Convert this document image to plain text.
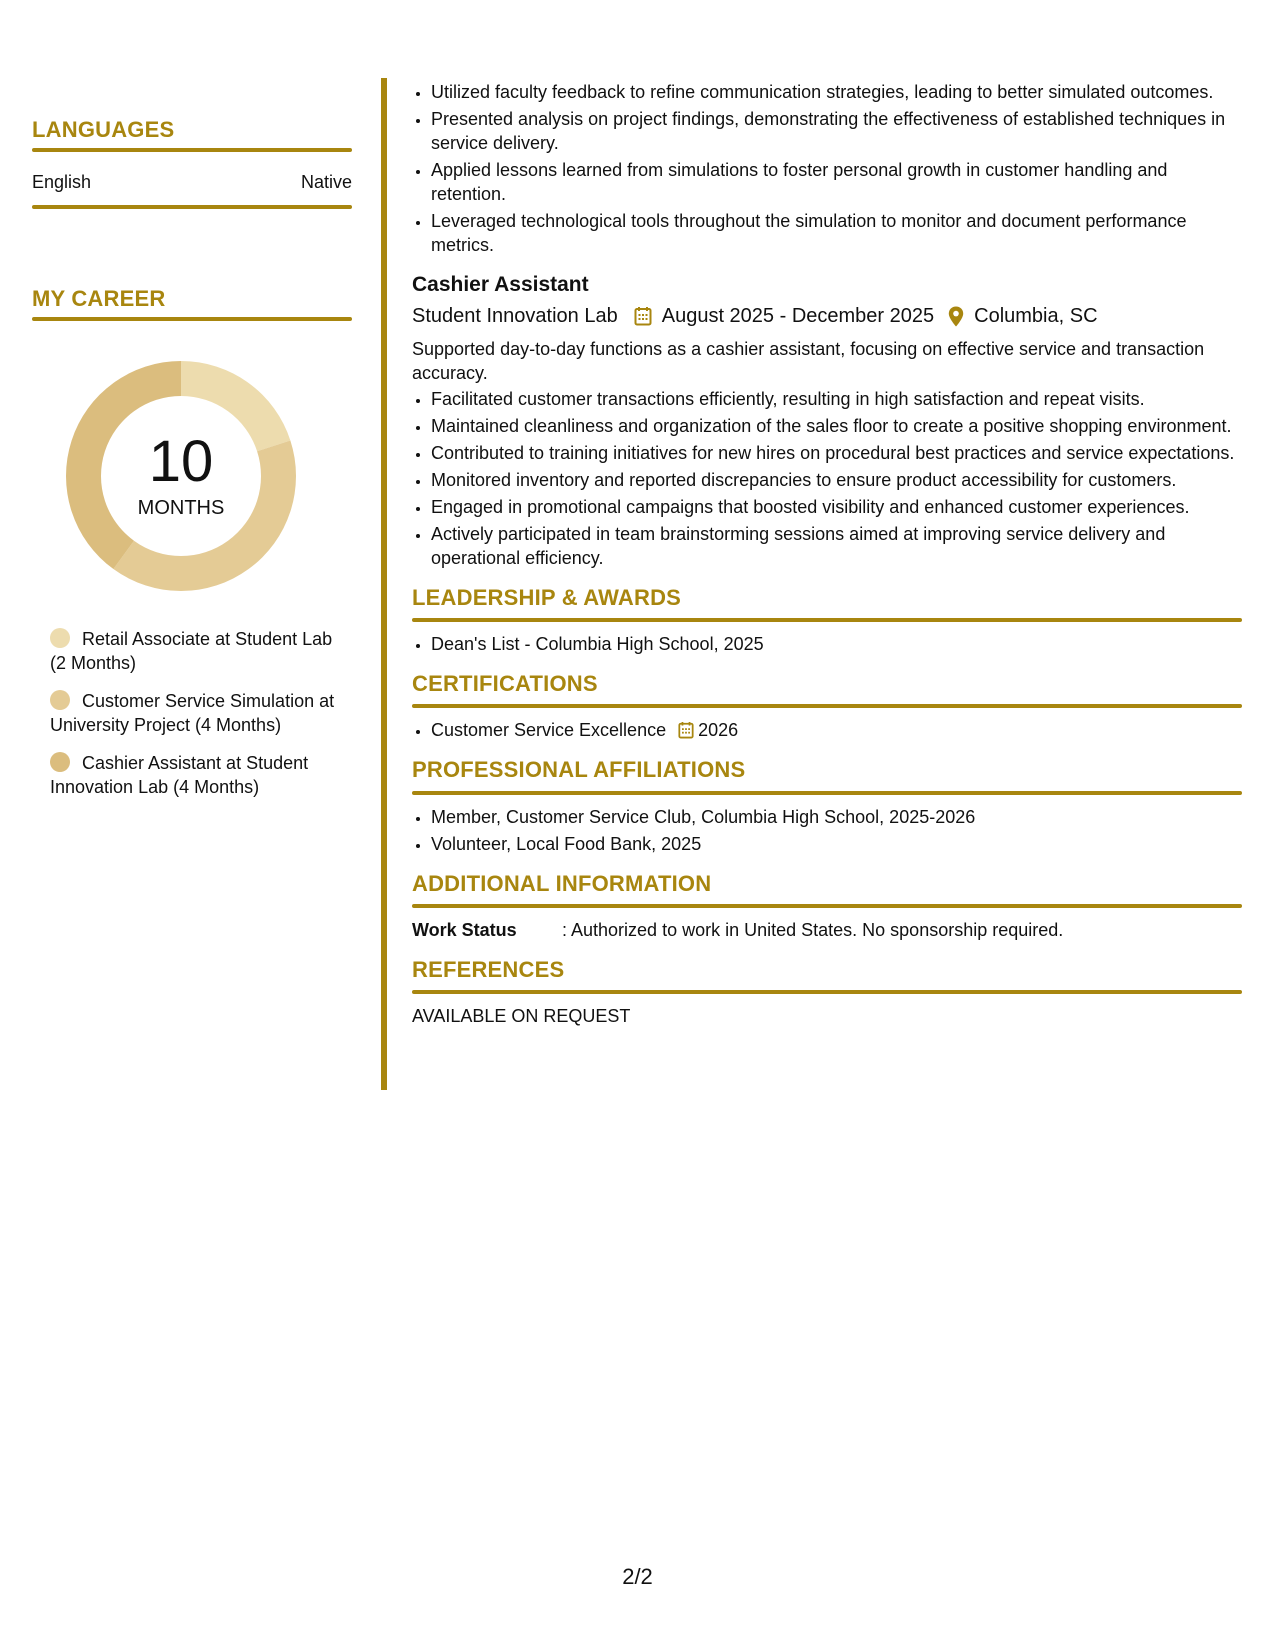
LANGUAGES
English	Native
MY CAREER
10
MONTHS
Retail Associate at Student Lab (2 Months)
Customer Service Simulation at University Project (4 Months)
Cashier Assistant at Student Innovation Lab (4 Months)
• Utilized faculty feedback to refine communication strategies, leading to better simulated outcomes.
• Presented analysis on project findings, demonstrating the effectiveness of established techniques in service delivery.
• Applied lessons learned from simulations to foster personal growth in customer handling and retention.
• Leveraged technological tools throughout the simulation to monitor and document performance metrics.
Cashier Assistant
Student Innovation Lab August 2025 - December 2025 Columbia, SC
Supported day-to-day functions as a cashier assistant, focusing on effective service and transaction accuracy.
• Facilitated customer transactions efficiently, resulting in high satisfaction and repeat visits.
• Maintained cleanliness and organization of the sales floor to create a positive shopping environment.
• Contributed to training initiatives for new hires on procedural best practices and service expectations.
• Monitored inventory and reported discrepancies to ensure product accessibility for customers.
• Engaged in promotional campaigns that boosted visibility and enhanced customer experiences.
• Actively participated in team brainstorming sessions aimed at improving service delivery and operational efficiency.
LEADERSHIP & AWARDS
• Dean's List - Columbia High School, 2025
CERTIFICATIONS
• Customer Service Excellence 2026
PROFESSIONAL AFFILIATIONS
• Member, Customer Service Club, Columbia High School, 2025-2026
• Volunteer, Local Food Bank, 2025
ADDITIONAL INFORMATION
Work Status	: Authorized to work in United States. No sponsorship required.
REFERENCES
AVAILABLE ON REQUEST
2/2
